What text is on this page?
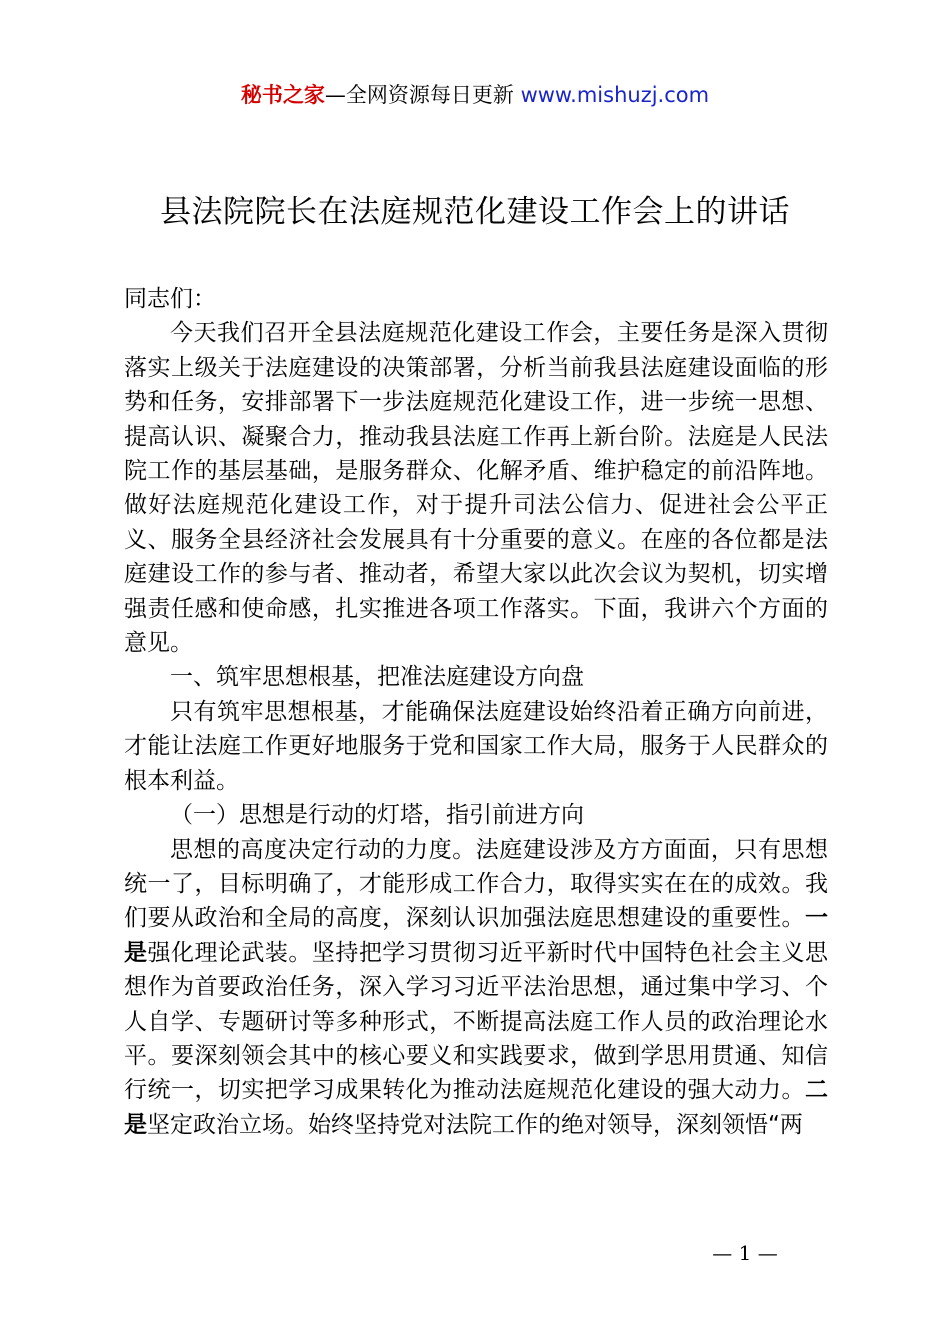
秘书之家—全网资源每日更新 www.mishuzj.com
县法院院长在法庭规范化建设工作会上的讲话

同志们：

今天我们召开全县法庭规范化建设工作会，主要任务是深入贯彻落实上级关于法庭建设的决策部署，分析当前我县法庭建设面临的形势和任务，安排部署下一步法庭规范化建设工作，进一步统一思想、提高认识、凝聚合力，推动我县法庭工作再上新台阶。法庭是人民法院工作的基层基础，是服务群众、化解矛盾、维护稳定的前沿阵地。做好法庭规范化建设工作，对于提升司法公信力、促进社会公平正义、服务全县经济社会发展具有十分重要的意义。在座的各位都是法庭建设工作的参与者、推动者，希望大家以此次会议为契机，切实增强责任感和使命感，扎实推进各项工作落实。下面，我讲六个方面的意见。

一、筑牢思想根基，把准法庭建设方向盘

只有筑牢思想根基，才能确保法庭建设始终沿着正确方向前进，才能让法庭工作更好地服务于党和国家工作大局，服务于人民群众的根本利益。

（一）思想是行动的灯塔，指引前进方向

思想的高度决定行动的力度。法庭建设涉及方方面面，只有思想统一了，目标明确了，才能形成工作合力，取得实实在在的成效。我们要从政治和全局的高度，深刻认识加强法庭思想建设的重要性。一是强化理论武装。坚持把学习贯彻习近平新时代中国特色社会主义思想作为首要政治任务，深入学习习近平法治思想，通过集中学习、个人自学、专题研讨等多种形式，不断提高法庭工作人员的政治理论水平。要深刻领会其中的核心要义和实践要求，做到学思用贯通、知信行统一，切实把学习成果转化为推动法庭规范化建设的强大动力。二是坚定政治立场。始终坚持党对法院工作的绝对领导，深刻领悟“两

— 1 —
